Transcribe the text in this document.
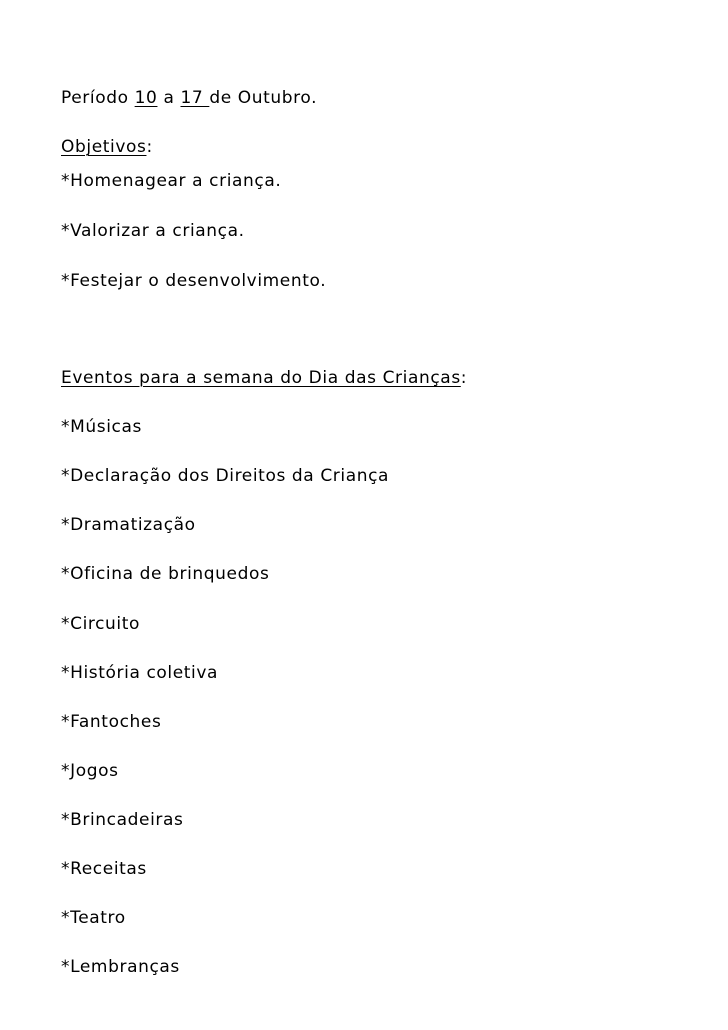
Período 10 a 17 de Outubro.
Objetivos:
*Homenagear a criança.
*Valorizar a criança.
*Festejar o desenvolvimento.
Eventos para a semana do Dia das Crianças:
*Músicas
*Declaração dos Direitos da Criança
*Dramatização
*Oficina de brinquedos
*Circuito
*História coletiva
*Fantoches
*Jogos
*Brincadeiras
*Receitas
*Teatro
*Lembranças
